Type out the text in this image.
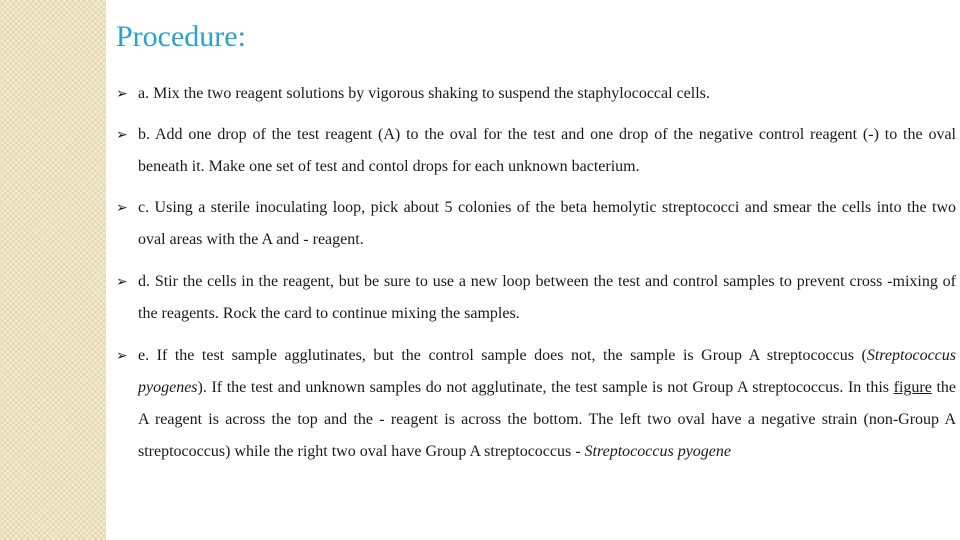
Procedure:
➢ a. Mix the two reagent solutions by vigorous shaking to suspend the staphylococcal cells.
➢ b. Add one drop of the test reagent (A) to the oval for the test and one drop of the negative control reagent (-) to the oval beneath it. Make one set of test and contol drops for each unknown bacterium.
➢ c. Using a sterile inoculating loop, pick about 5 colonies of the beta hemolytic streptococci and smear the cells into the two oval areas with the A and - reagent.
➢ d. Stir the cells in the reagent, but be sure to use a new loop between the test and control samples to prevent cross -mixing of the reagents. Rock the card to continue mixing the samples.
➢ e. If the test sample agglutinates, but the control sample does not, the sample is Group A streptococcus (Streptococcus pyogenes). If the test and unknown samples do not agglutinate, the test sample is not Group A streptococcus. In this figure the A reagent is across the top and the - reagent is across the bottom. The left two oval have a negative strain (non-Group A streptococcus) while the right two oval have Group A streptococcus - Streptococcus pyogene
